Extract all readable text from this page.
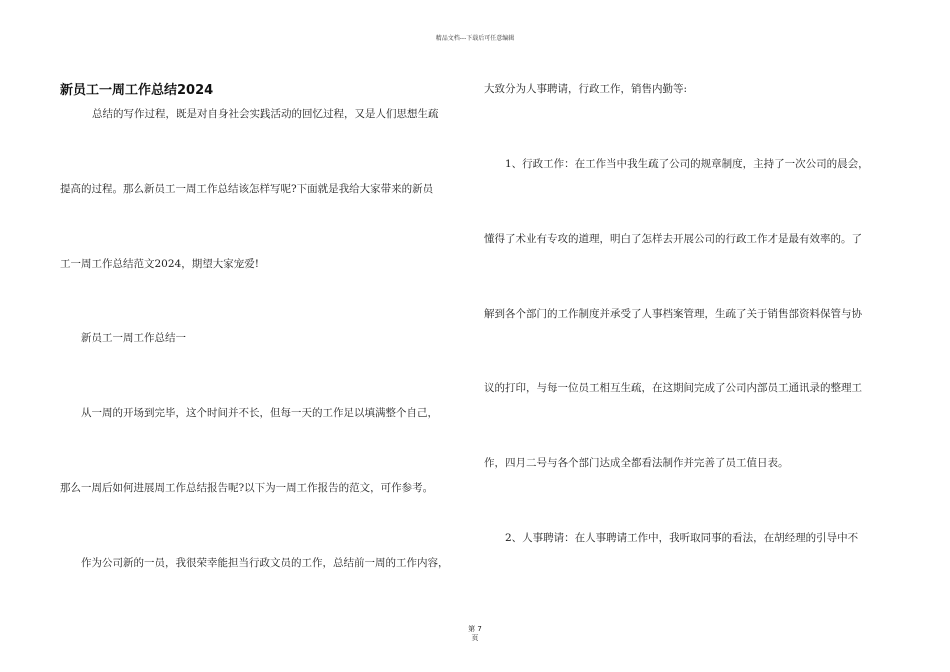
精品文档---下载后可任意编辑
新员工一周工作总结2024
总结的写作过程，既是对自身社会实践活动的回忆过程，又是人们思想生疏
提高的过程。那么新员工一周工作总结该怎样写呢?下面就是我给大家带来的新员
工一周工作总结范文2024，期望大家宠爱!
新员工一周工作总结一
从一周的开场到完毕，这个时间并不长，但每一天的工作足以填满整个自己，
那么一周后如何进展周工作总结报告呢?以下为一周工作报告的范文，可作参考。
作为公司新的一员，我很荣幸能担当行政文员的工作，总结前一周的工作内容，
大致分为人事聘请，行政工作，销售内勤等:
1、行政工作：在工作当中我生疏了公司的规章制度，主持了一次公司的晨会，
懂得了术业有专攻的道理，明白了怎样去开展公司的行政工作才是最有效率的。了
解到各个部门的工作制度并承受了人事档案管理，生疏了关于销售部资料保管与协
议的打印，与每一位员工相互生疏，在这期间完成了公司内部员工通讯录的整理工
作，四月二号与各个部门达成全都看法制作并完善了员工值日表。
2、人事聘请：在人事聘请工作中，我听取同事的看法，在胡经理的引导中不
第 7
页
